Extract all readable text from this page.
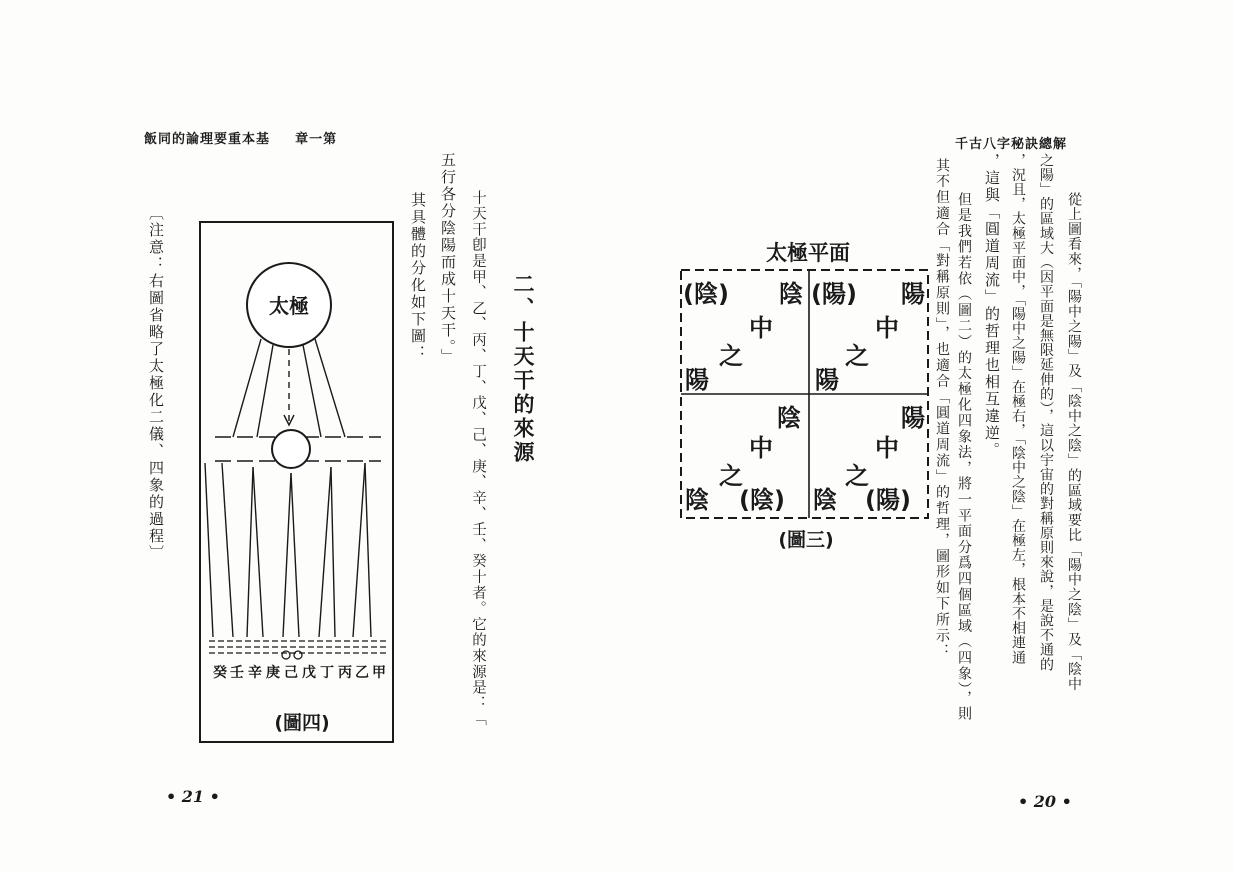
飯同的論理要重本基 章一第
二、十天干的來源
十天干卽是甲、乙、丙、丁、戊、己、庚、辛、壬、癸十者。它的來源是：「
五行各分陰陽而成十天干。」
其具體的分化如下圖：
〔注意：右圖省略了太極化二儀、四象的過程〕	太極
癸 壬 辛 庚 己 戊 丁 丙 乙 甲
(圖四)
• 21 •
千古八字秘訣總解
從上圖看來，「陽中之陽」及「陰中之陰」的區域要比「陽中之陰」及「陰中
之陽」的區域大（因平面是無限延伸的），這以宇宙的對稱原則來說，是說不通的
，況且，太極平面中，「陽中之陽」在極右，「陰中之陰」在極左，根本不相連通
，這與「圓道周流」的哲理也相互違逆。
但是我們若依（圖二）的太極化四象法，將一平面分爲四個區域（四象），則
其不但適合「對稱原則」，也適合「圓道周流」的哲理，圖形如下所示：
太極平面
(陰) 陰
中
之
陽
(陽) 陽
中
之
陽
陰
中
之
陰 (陰)
陽
中
之
陰 (陽)
(圖三)
• 20 •
